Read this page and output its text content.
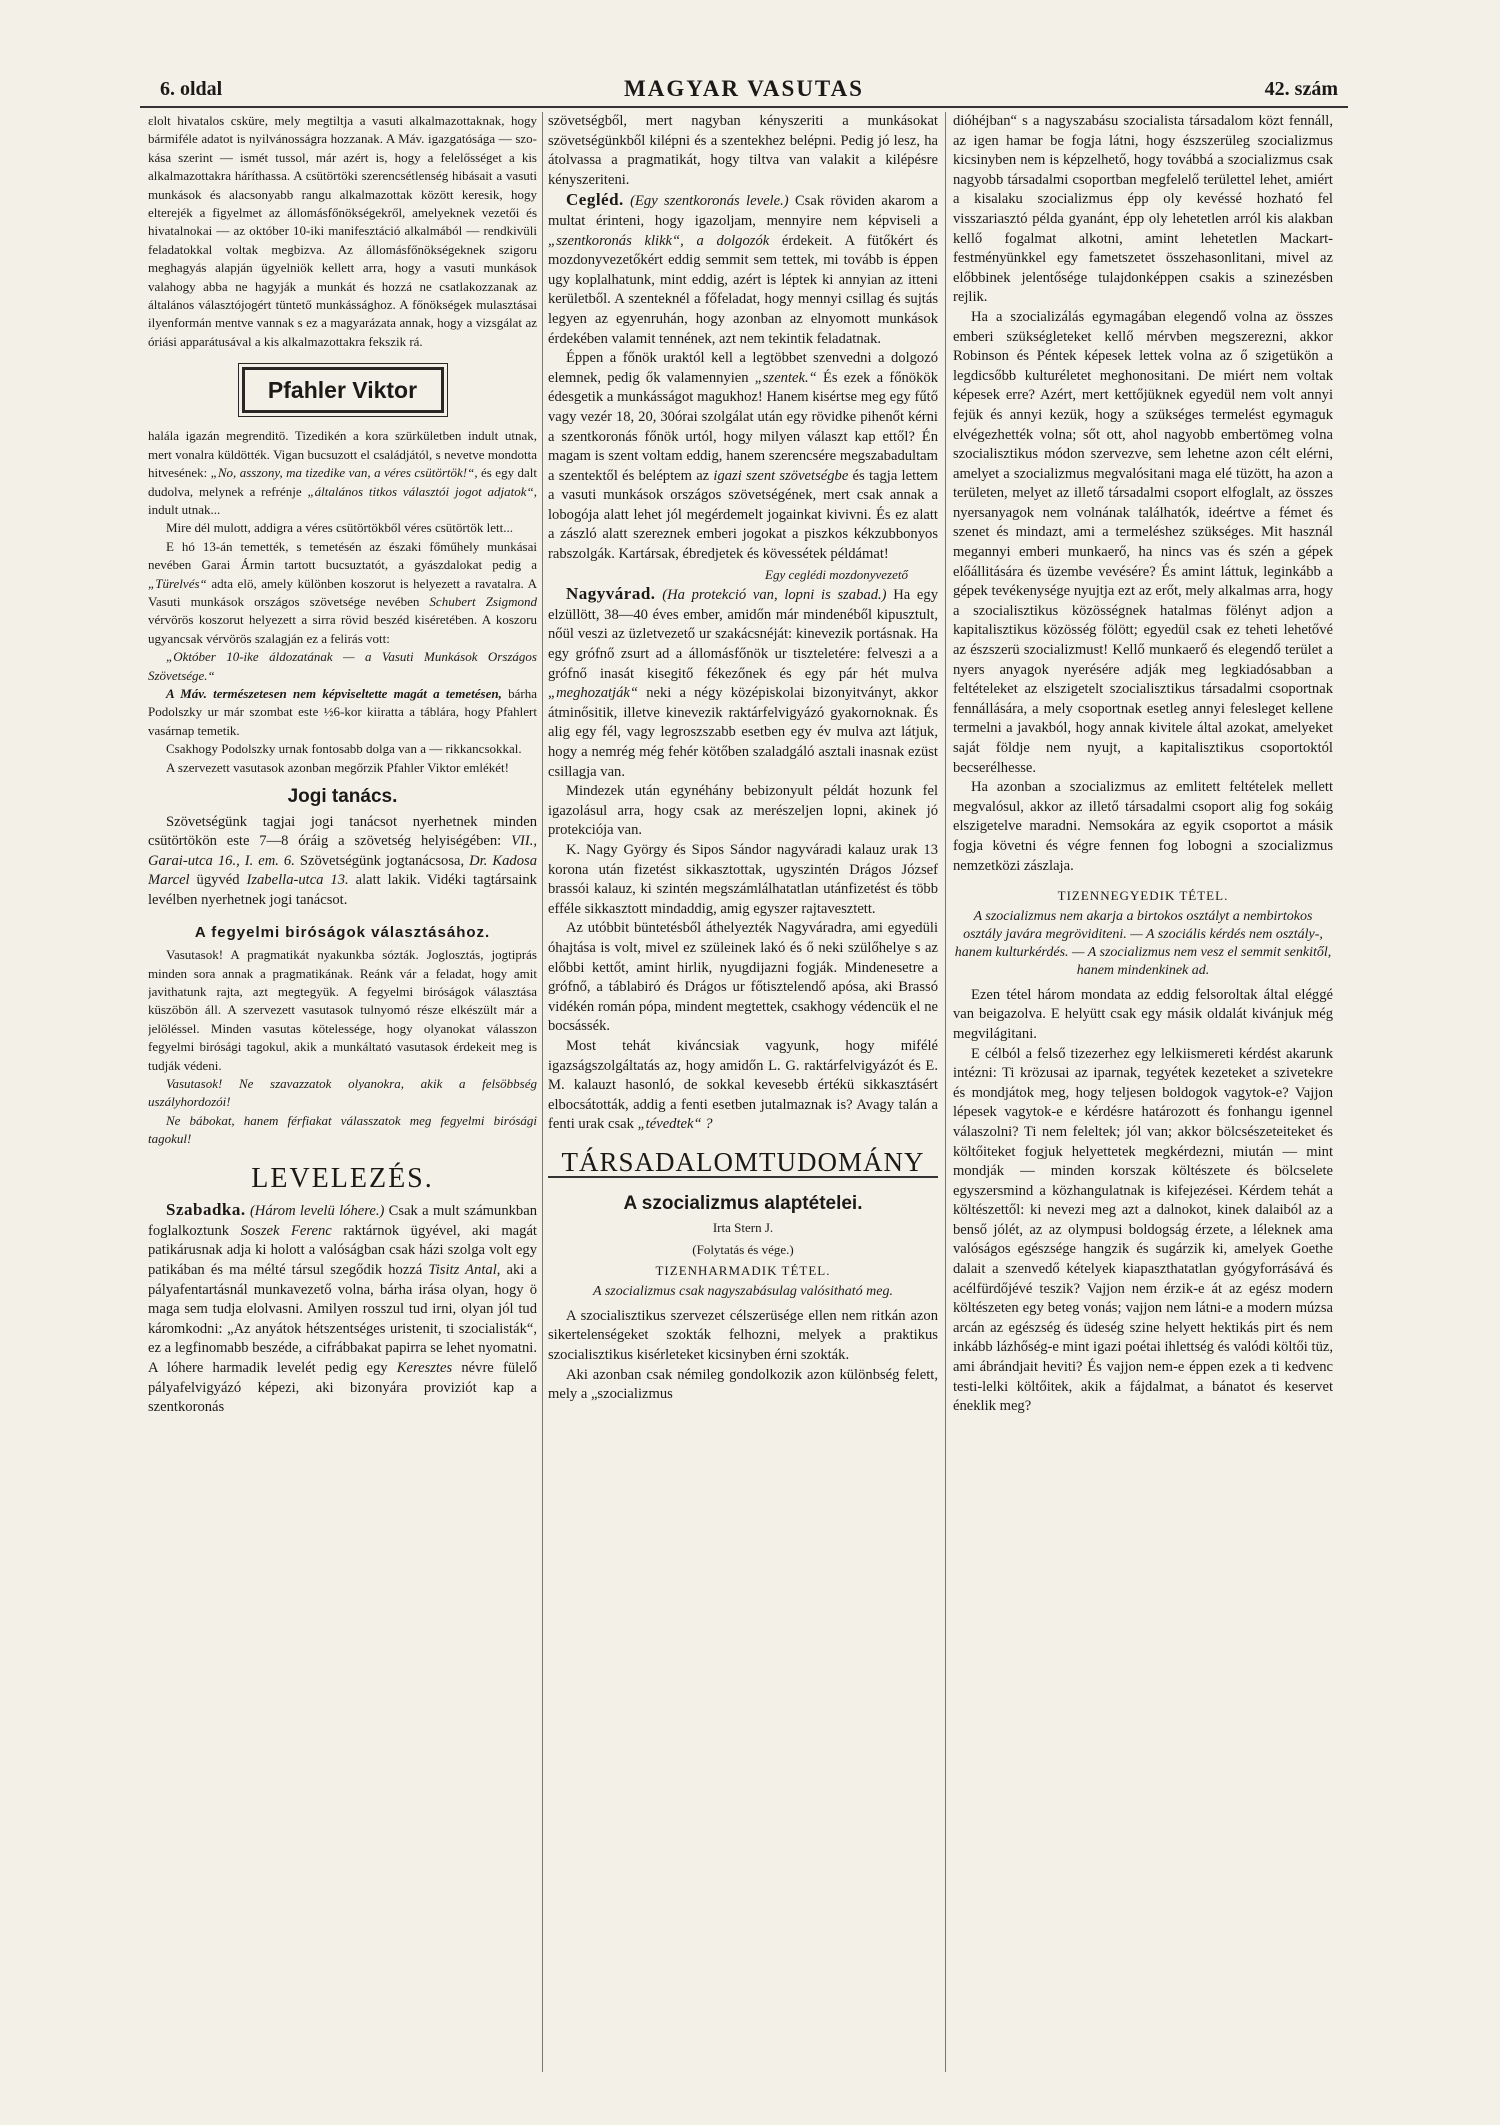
6. oldal	MAGYAR VASUTAS	42. szám

ɛlolt hivatalos csküre, mely megtiltja a vasuti alkalmazottaknak, hogy bármiféle adatot is nyilvánosságra hozzanak. A Máv. igazgatósága — szokása szerint — ismét tussol, már azért is, hogy a felelősséget a kis alkalmazottakra háríthassa. A csütörtöki szerencsétlenség hibásait a vasuti munkások és alacsonyabb rangu alkalmazottak között keresik, hogy elterejék a figyelmet az állomásfőnökségekről, amelyeknek vezetői és hivatalnokai — az október 10-iki manifesztáció alkalmából — rendkivüli feladatokkal voltak megbizva. Az állomásfőnökségeknek szigoru meghagyás alapján ügyelniök kellett arra, hogy a vasuti munkások valahogy abba ne hagyják a munkát és hozzá ne csatlakozzanak az általános választójogért tüntető munkássághoz. A főnökségek mulasztásai ilyenformán mentve vannak s ez a magyarázata annak, hogy a vizsgálat az óriási apparátusával a kis alkalmazottakra fekszik rá.

Pfahler Viktor

halála igazán megrenditö. Tizedikén a kora szürkületben indult utnak, mert vonalra küldötték. Vigan bucsuzott el családjától, s nevetve mondotta hitvesének: „No, asszony, ma tizedike van, a véres csütörtök!“, és egy dalt dudolva, melynek a refrénje „általános titkos választói jogot adjatok“, indult utnak...

Mire dél mulott, addigra a véres csütörtökből véres csütörtök lett...

E hó 13-án temették, s temetésén az északi főműhely munkásai nevében Garai Ármin tartott bucsuztatót, a gyászdalokat pedig a „Türelvés“ adta elö, amely különben koszorut is helyezett a ravatalra. A Vasuti munkások országos szövetsége nevében Schubert Zsigmond vérvörös koszorut helyezett a sirra rövid beszéd kiséretében. A koszoru ugyancsak vérvörös szalagján ez a felirás vott:

„Október 10-ike áldozatának — a Vasuti Munkások Országos Szövetsége.“

A Máv. természetesen nem képviseltette magát a temetésen, bárha Podolszky ur már szombat este ½6-kor kiiratta a táblára, hogy Pfahlert vasárnap temetik.

Csakhogy Podolszky urnak fontosabb dolga van a — rikkancsokkal.

A szervezett vasutasok azonban megőrzik Pfahler Viktor emlékét!

Jogi tanács.

Szövetségünk tagjai jogi tanácsot nyerhetnek minden csütörtökön este 7—8 óráig a szövetség helyiségében: VII., Garai-utca 16., I. em. 6. Szövetségünk jogtanácsosa, Dr. Kadosa Marcel ügyvéd Izabella-utca 13. alatt lakik. Vidéki tagtársaink levélben nyerhetnek jogi tanácsot.

A fegyelmi biróságok választásához.

Vasutasok! A pragmatikát nyakunkba sózták. Joglosztás, jogtiprás minden sora annak a pragmatikának. Reánk vár a feladat, hogy amit javithatunk rajta, azt megtegyük. A fegyelmi biróságok választása küszöbön áll. A szervezett vasutasok tulnyomó része elkészült már a jelöléssel. Minden vasutas kötelessége, hogy olyanokat válasszon fegyelmi birósági tagokul, akik a munkáltató vasutasok érdekeit meg is tudják védeni.

Vasutasok! Ne szavazzatok olyanokra, akik a felsöbbség uszályhordozói!

Ne bábokat, hanem férfiakat válasszatok meg fegyelmi birósági tagokul!

LEVELEZÉS.

Szabadka. (Három levelü lóhere.) Csak a mult számunkban foglalkoztunk Soszek Ferenc raktárnok ügyével, aki magát patikárusnak adja ki holott a valóságban csak házi szolga volt egy patikában és ma mélté társul szegődik hozzá Tisitz Antal, aki a pályafentartásnál munkavezető volna, bárha irása olyan, hogy ö maga sem tudja elolvasni. Amilyen rosszul tud irni, olyan jól tud káromkodni: „Az anyátok hétszentséges uristenit, ti szocialisták“, ez a legfinomabb beszéde, a cifrábbakat papirra se lehet nyomatni. A lóhere harmadik levelét pedig egy Keresztes névre fülelő pályafelvigyázó képezi, aki bizonyára proviziót kap a szentkoronás

szövetségből, mert nagyban kényszeriti a munkásokat szövetségünkből kilépni és a szentekhez belépni. Pedig jó lesz, ha átolvassa a pragmatikát, hogy tiltva van valakit a kilépésre kényszeriteni.

Cegléd. (Egy szentkoronás levele.) Csak röviden akarom a multat érinteni, hogy igazoljam, mennyire nem képviseli a „szentkoronás klikk“, a dolgozók érdekeit. A fütőkért és mozdonyvezetőkért eddig semmit sem tettek, mi tovább is éppen ugy koplalhatunk, mint eddig, azért is léptek ki annyian az itteni kerületből. A szenteknél a főfeladat, hogy mennyi csillag és sujtás legyen az egyenruhán, hogy azonban az elnyomott munkások érdekében valamit tennének, azt nem tekintik feladatnak.

Éppen a főnök uraktól kell a legtöbbet szenvedni a dolgozó elemnek, pedig ők valamennyien „szentek.“ És ezek a főnökök édesgetik a munkásságot magukhoz! Hanem kisértse meg egy fűtő vagy vezér 18, 20, 30órai szolgálat után egy rövidke pihenőt kérni a szentkoronás főnök urtól, hogy milyen választ kap ettől? Én magam is szent voltam eddig, hanem szerencsére megszabadultam a szentektől és beléptem az igazi szent szövetségbe és tagja lettem a vasuti munkások országos szövetségének, mert csak annak a lobogója alatt lehet jól megérdemelt jogainkat kivivni. És ez alatt a zászló alatt szereznek emberi jogokat a piszkos kékzubbonyos rabszolgák. Kartársak, ébredjetek és kövessétek példámat!

Egy ceglédi mozdonyvezető

Nagyvárad. (Ha protekció van, lopni is szabad.) Ha egy elzüllött, 38—40 éves ember, amidőn már mindenéből kipusztult, nőül veszi az üzletvezető ur szakácsnéját: kinevezik portásnak. Ha egy grófnő zsurt ad a állomásfőnök ur tiszteletére: felveszi a a grófnő inasát kisegitő fékezőnek és egy pár hét mulva „meghozatják“ neki a négy középiskolai bizonyitványt, akkor átminősitik, illetve kinevezik raktárfelvigyázó gyakornoknak. És alig egy fél, vagy legroszszabb esetben egy év mulva azt látjuk, hogy a nemrég még fehér kötőben szaladgáló asztali inasnak ezüst csillagja van.

Mindezek után egynéhány bebizonyult példát hozunk fel igazolásul arra, hogy csak az merészeljen lopni, akinek jó protekciója van.

K. Nagy György és Sipos Sándor nagyváradi kalauz urak 13 korona után fizetést sikkasztottak, ugyszintén Drágos József brassói kalauz, ki szintén megszámlálhatatlan utánfizetést és több efféle sikkasztott mindaddig, amig egyszer rajtavesztett.

Az utóbbit büntetésből áthelyezték Nagyváradra, ami egyedüli óhajtása is volt, mivel ez szüleinek lakó és ő neki szülőhelye s az előbbi kettőt, amint hirlik, nyugdijazni fogják. Mindenesetre a grófnő, a táblabiró és Drágos ur főtisztelendő apósa, aki Brassó vidékén román pópa, mindent megtettek, csakhogy védencük el ne bocsássék.

Most tehát kiváncsiak vagyunk, hogy mifélé igazságszolgáltatás az, hogy amidőn L. G. raktárfelvigyázót és E. M. kalauzt hasonló, de sokkal kevesebb értékü sikkasztásért elbocsátották, addig a fenti esetben jutalmaznak is? Avagy talán a fenti urak csak „tévedtek“ ?

TÁRSADALOMTUDOMÁNY
A szocializmus alaptételei.
Irta Stern J.
(Folytatás és vége.)
TIZENHARMADIK TÉTEL.
A szocializmus csak nagyszabásulag valósitható meg.

A szocialisztikus szervezet célszerüsége ellen nem ritkán azon sikertelenségeket szokták felhozni, melyek a praktikus szocialisztikus kisérleteket kicsinyben érni szokták.

Aki azonban csak némileg gondolkozik azon különbség felett, mely a „szocializmus

dióhéjban“ s a nagyszabásu szocialista társadalom közt fennáll, az igen hamar be fogja látni, hogy észszerüleg szocializmus kicsinyben nem is képzelhető, hogy továbbá a szocializmus csak nagyobb társadalmi csoportban megfelelő területtel lehet, amiért a kisalaku szocializmus épp oly kevéssé hozható fel visszariasztó példa gyanánt, épp oly lehetetlen arról kis alakban kellő fogalmat alkotni, amint lehetetlen Mackart-festményünkkel egy fametszetet összehasonlitani, mivel az előbbinek jelentősége tulajdonképpen csakis a szinezésben rejlik.

Ha a szocializálás egymagában elegendő volna az összes emberi szükségleteket kellő mérvben megszerezni, akkor Robinson és Péntek képesek lettek volna az ő szigetükön a legdicsőbb kulturéletet meghonositani. De miért nem voltak képesek erre? Azért, mert kettőjüknek egyedül nem volt annyi fejük és annyi kezük, hogy a szükséges termelést egymaguk elvégezhették volna; sőt ott, ahol nagyobb embertömeg volna szocialisztikus módon szervezve, sem lehetne azon célt elérni, amelyet a szocializmus megvalósitani maga elé tüzött, ha azon a területen, melyet az illető társadalmi csoport elfoglalt, az összes nyersanyagok nem volnának találhatók, ideértve a fémet és szenet és mindazt, ami a termeléshez szükséges. Mit használ megannyi emberi munkaerő, ha nincs vas és szén a gépek előállitására és üzembe vevésére? És amint láttuk, leginkább a gépek tevékenysége nyujtja ezt az erőt, mely alkalmas arra, hogy a szocialisztikus közösségnek hatalmas fölényt adjon a kapitalisztikus közösség fölött; egyedül csak ez teheti lehetővé az észszerü szocializmust! Kellő munkaerő és elegendő terület a nyers anyagok nyerésére adják meg legkiadósabban a feltételeket az elszigetelt szocialisztikus társadalmi csoportnak fennállására, a mely csoportnak esetleg annyi felesleget kellene termelni a javakból, hogy annak kivitele által azokat, amelyeket saját földje nem nyujt, a kapitalisztikus csoportoktól becserélhesse.

Ha azonban a szocializmus az emlitett feltételek mellett megvalósul, akkor az illető társadalmi csoport alig fog sokáig elszigetelve maradni. Nemsokára az egyik csoportot a másik fogja követni és végre fennen fog lobogni a szocializmus nemzetközi zászlaja.

TIZENNEGYEDIK TÉTEL.
A szocializmus nem akarja a birtokos osztályt a nembirtokos osztály javára megröviditeni. — A szociális kérdés nem osztály-, hanem kulturkérdés. — A szocializmus nem vesz el semmit senkitől, hanem mindenkinek ad.

Ezen tétel három mondata az eddig felsoroltak által eléggé van beigazolva. E helyütt csak egy másik oldalát kivánjuk még megvilágitani.

E célból a felső tizezerhez egy lelkiismereti kérdést akarunk intézni: Ti krözusai az iparnak, tegyétek kezeteket a szivetekre és mondjátok meg, hogy teljesen boldogok vagytok-e? Vajjon lépesek vagytok-e e kérdésre határozott és fonhangu igennel válaszolni? Ti nem feleltek; jól van; akkor bölcsészeteiteket és költőiteket fogjuk helyettetek megkérdezni, miután — mint mondják — minden korszak költészete és bölcselete egyszersmind a közhangulatnak is kifejezései. Kérdem tehát a költészettől: ki nevezi meg azt a dalnokot, kinek dalaiból az a benső jólét, az az olympusi boldogság érzete, a léleknek ama valóságos egészsége hangzik és sugárzik ki, amelyek Goethe dalait a szenvedő kételyek kiapaszthatatlan gyógyforrásává és acélfürdőjévé teszik? Vajjon nem érzik-e át az egész modern költészeten egy beteg vonás; vajjon nem látni-e a modern múzsa arcán az egészség és üdeség szine helyett hektikás pirt és nem inkább lázhőség-e mint igazi poétai ihlettség és valódi költői tüz, ami ábrándjait heviti? És vajjon nem-e éppen ezek a ti kedvenc testi-lelki költőitek, akik a fájdalmat, a bánatot és keservet éneklik meg?
